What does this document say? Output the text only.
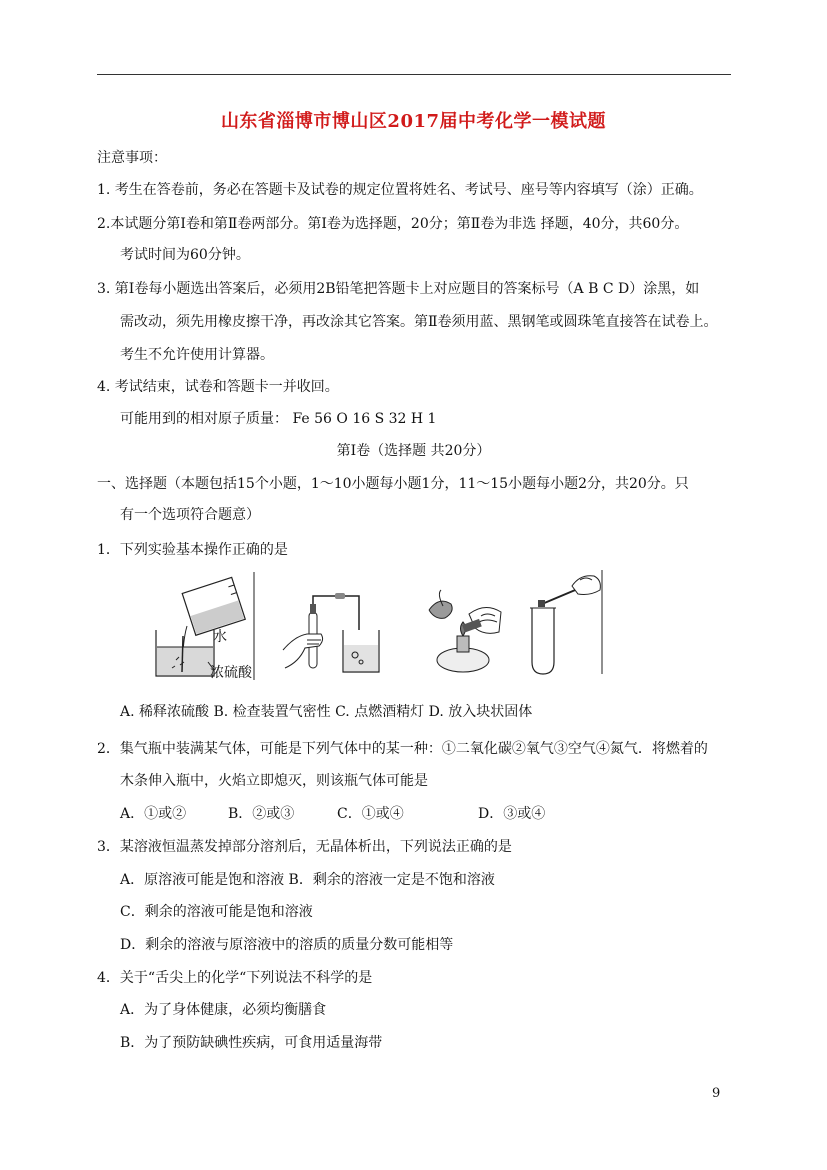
山东省淄博市博山区2017届中考化学一模试题
注意事项：
1. 考生在答卷前，务必在答题卡及试卷的规定位置将姓名、考试号、座号等内容填写（涂）正确。
2.本试题分第Ⅰ卷和第Ⅱ卷两部分。第Ⅰ卷为选择题，20分；第Ⅱ卷为非选 择题，40分，共60分。
考试时间为60分钟。
3. 第Ⅰ卷每小题选出答案后，必须用2B铅笔把答题卡上对应题目的答案标号（A B C D）涂黑，如
需改动，须先用橡皮擦干净，再改涂其它答案。第Ⅱ卷须用蓝、黑钢笔或圆珠笔直接答在试卷上。
考生不允许使用计算器。
4. 考试结束，试卷和答题卡一并收回。
可能用到的相对原子质量： Fe 56 O 16 S 32 H 1
第Ⅰ卷（选择题 共20分）
一、选择题（本题包括15个小题，1～10小题每小题1分，11～15小题每小题2分，共20分。只
有一个选项符合题意）
1．下列实验基本操作正确的是
水
浓硫酸
A. 稀释浓硫酸 B. 检查装置气密性 C. 点燃酒精灯 D. 放入块状固体
2．集气瓶中装满某气体，可能是下列气体中的某一种：①二氧化碳②氧气③空气④氮气．将燃着的
木条伸入瓶中，火焰立即熄灭，则该瓶气体可能是
A．①或②	B．②或③	C．①或④	D．③或④
3．某溶液恒温蒸发掉部分溶剂后，无晶体析出，下列说法正确的是
A．原溶液可能是饱和溶液 B．剩余的溶液一定是不饱和溶液
C．剩余的溶液可能是饱和溶液
D．剩余的溶液与原溶液中的溶质的质量分数可能相等
4．关于“舌尖上的化学“下列说法不科学的是
A．为了身体健康，必须均衡膳食
B．为了预防缺碘性疾病，可食用适量海带
9
